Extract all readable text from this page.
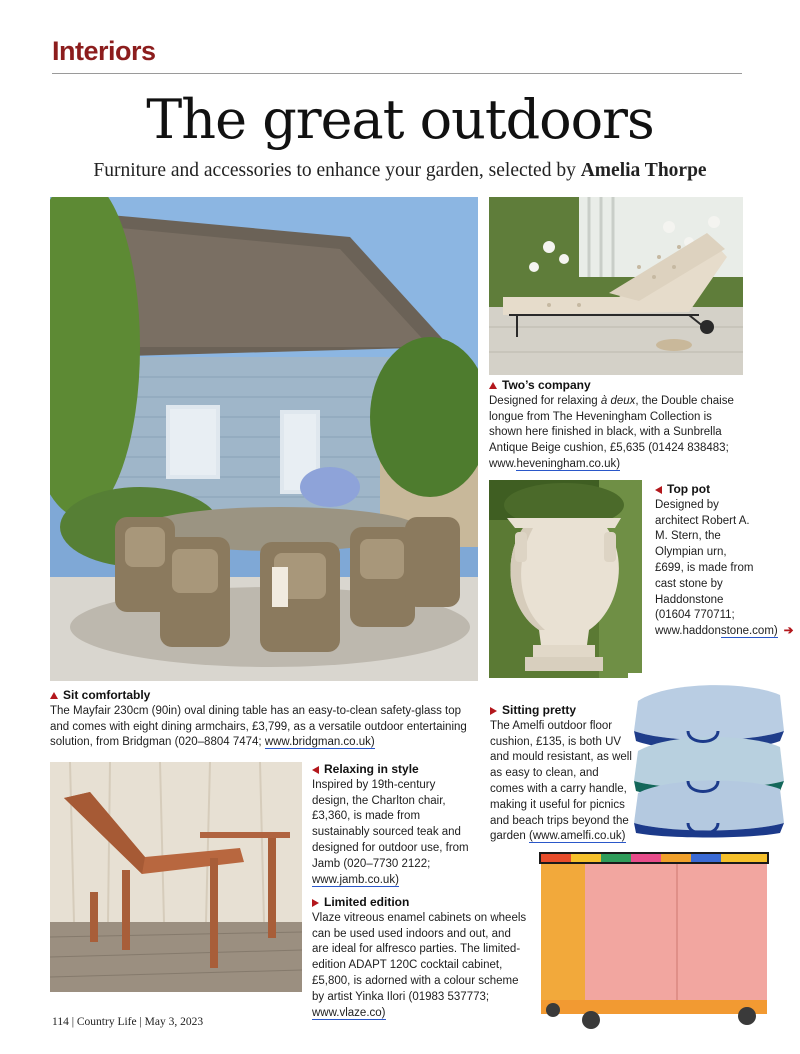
Interiors
The great outdoors
Furniture and accessories to enhance your garden, selected by Amelia Thorpe
Two’s company
Designed for relaxing à deux, the Double chaise longue from The Heveningham Collection is shown here finished in black, with a Sunbrella Antique Beige cushion, £5,635 (01424 838483; www.heveningham.co.uk)
Top pot
Designed by architect Robert A. M. Stern, the Olympian urn, £699, is made from cast stone by Haddonstone (01604 770711; www.haddonstone.com) ➔
Sit comfortably
The Mayfair 230cm (90in) oval dining table has an easy-to-clean safety-glass top and comes with eight dining armchairs, £3,799, as a versatile outdoor entertaining solution, from Bridgman (020–8804 7474; www.bridgman.co.uk)
Sitting pretty
The Amelfi outdoor floor cushion, £135, is both UV and mould resistant, as well as easy to clean, and comes with a carry handle, making it useful for picnics and beach trips beyond the garden (www.amelfi.co.uk)
Relaxing in style
Inspired by 19th-century design, the Charlton chair, £3,360, is made from sustainably sourced teak and designed for outdoor use, from Jamb (020–7730 2122; www.jamb.co.uk)
Limited edition
Vlaze vitreous enamel cabinets on wheels can be used used indoors and out, and are ideal for alfresco parties. The limited-edition ADAPT 120C cocktail cabinet, £5,800, is adorned with a colour scheme by artist Yinka Ilori (01983 537773; www.vlaze.co)
114 | Country Life | May 3, 2023
